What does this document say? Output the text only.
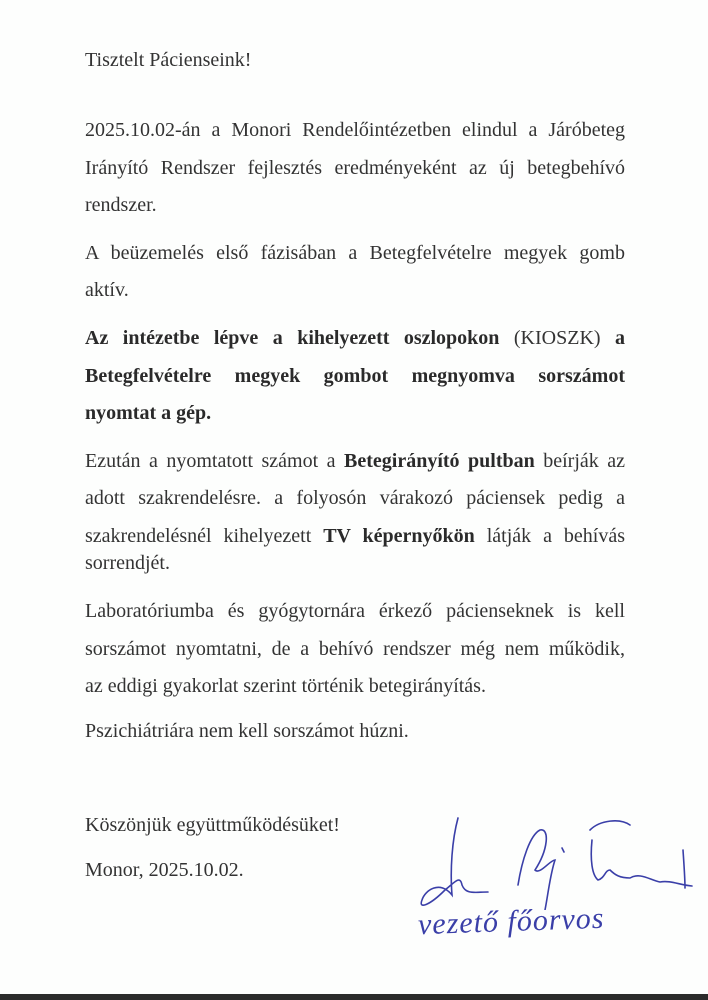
Tisztelt Pácienseink!
2025.10.02-án a Monori Rendelőintézetben elindul a Járóbeteg
Irányító Rendszer fejlesztés eredményeként az új betegbehívó
rendszer.
A beüzemelés első fázisában a Betegfelvételre megyek gomb
aktív.
Az intézetbe lépve a kihelyezett oszlopokon (KIOSZK) a
Betegfelvételre megyek gombot megnyomva sorszámot
nyomtat a gép.
Ezután a nyomtatott számot a Betegirányító pultban beírják az
adott szakrendelésre. a folyosón várakozó páciensek pedig a
szakrendelésnél kihelyezett TV képernyőkön látják a behívás
sorrendjét.
Laboratóriumba és gyógytornára érkező pácienseknek is kell
sorszámot nyomtatni, de a behívó rendszer még nem működik,
az eddigi gyakorlat szerint történik betegirányítás.
Pszichiátriára nem kell sorszámot húzni.
Köszönjük együttműködésüket!
Monor, 2025.10.02.
vezető főorvos
